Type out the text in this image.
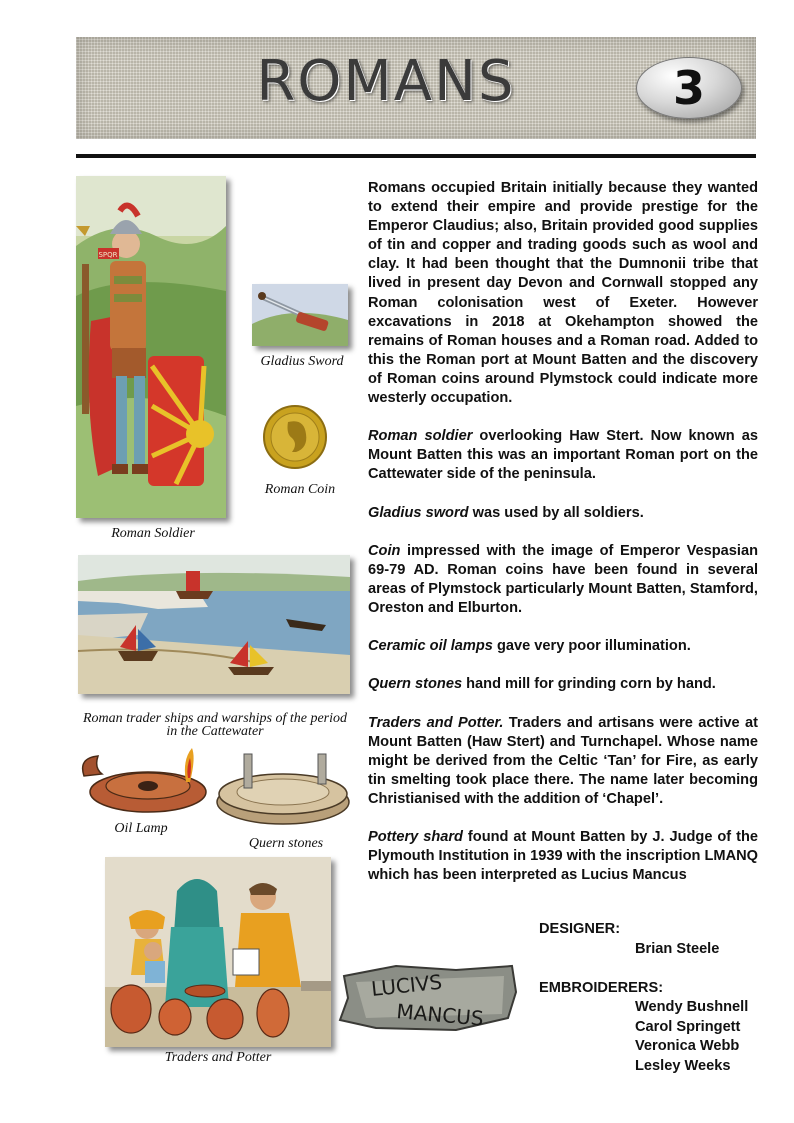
ROMANS	3
SPQR
Roman Soldier
Gladius Sword
Roman Coin
Roman trader ships and warships of the period in the Cattewater
Oil Lamp
Quern stones
Traders and Potter
LUCIVS
MANCUS

Romans occupied Britain initially because they wanted to extend their empire and provide prestige for the Emperor Claudius; also, Britain provided good supplies of tin and copper and trading goods such as wool and clay. It had been thought that the Dumnonii tribe that lived in present day Devon and Cornwall stopped any Roman colonisation west of Exeter. However excavations in 2018 at Okehampton showed the remains of Roman houses and a Roman road. Added to this the Roman port at Mount Batten and the discovery of Roman coins around Plymstock could indicate more westerly occupation.

Roman soldier overlooking Haw Stert. Now known as Mount Batten this was an important Roman port on the Cattewater side of the peninsula.

Gladius sword was used by all soldiers.

Coin impressed with the image of Emperor Vespasian 69-79 AD. Roman coins have been found in several areas of Plymstock particularly Mount Batten, Stamford, Oreston and Elburton.

Ceramic oil lamps gave very poor illumination.

Quern stones hand mill for grinding corn by hand.

Traders and Potter. Traders and artisans were active at Mount Batten (Haw Stert) and Turnchapel. Whose name might be derived from the Celtic ‘Tan’ for Fire, as early tin smelting took place there. The name later becoming Christianised with the addition of ‘Chapel’.

Pottery shard found at Mount Batten by J. Judge of the Plymouth Institution in 1939 with the inscription LMANQ which has been interpreted as Lucius Mancus

DESIGNER:
Brian Steele
EMBROIDERERS:
Wendy Bushnell
Carol Springett
Veronica Webb
Lesley Weeks
